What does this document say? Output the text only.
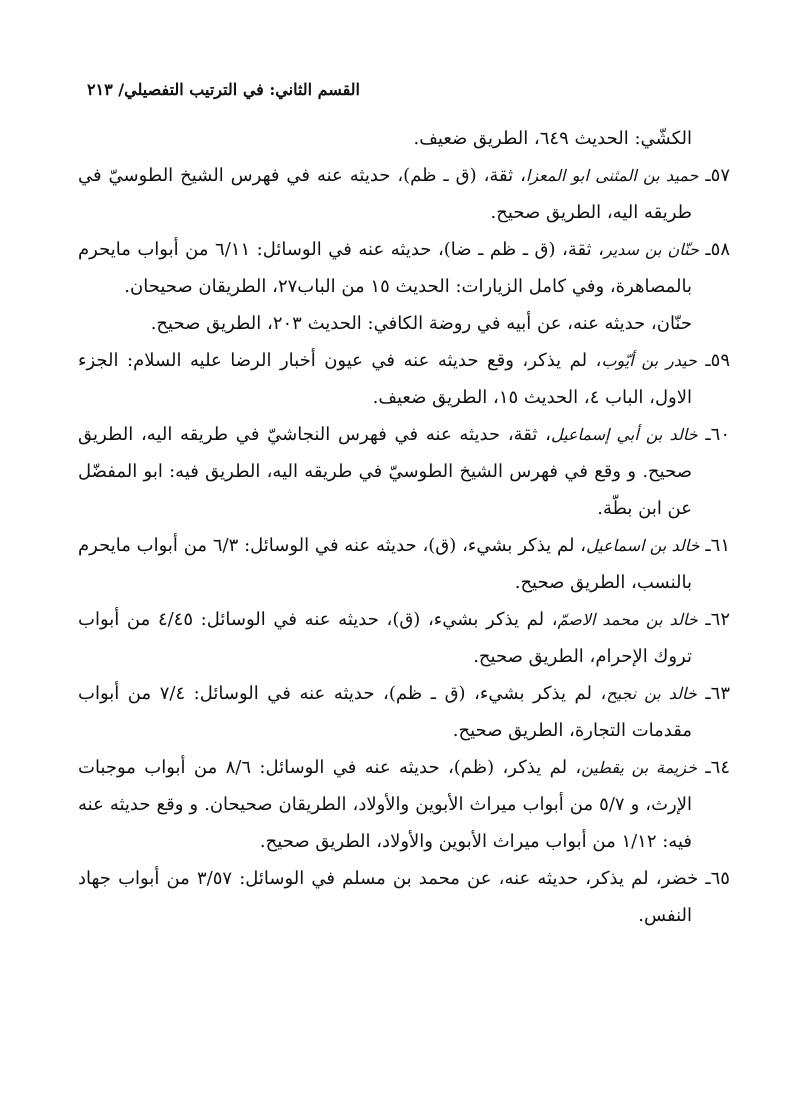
القسم الثاني: في الترتيب التفصيلي/ ٢١٣

الكشّي: الحديث ٦٤٩، الطريق ضعيف.

٥٧ـ حميد بن المثنى ابو المعزا، ثقة، (ق ـ ظم)، حديثه عنه في فهرس الشيخ الطوسيّ في طريقه اليه، الطريق صحيح.

٥٨ـ حنّان بن سدير، ثقة، (ق ـ ظم ـ ضا)، حديثه عنه في الوسائل: ٦/١١ من أبواب مايحرم بالمصاهرة، وفي كامل الزيارات: الحديث ١٥ من الباب٢٧، الطريقان صحيحان.

حنّان، حديثه عنه، عن أبيه في روضة الكافي: الحديث ٢٠٣، الطريق صحيح.

٥٩ـ حيدر بن أيّوب، لم يذكر، وقع حديثه عنه في عيون أخبار الرضا عليه السلام: الجزء الاول، الباب ٤، الحديث ١٥، الطريق ضعيف.

٦٠ـ خالد بن أبي إسماعيل، ثقة، حديثه عنه في فهرس النجاشيّ في طريقه اليه، الطريق صحيح. و وقع في فهرس الشيخ الطوسيّ في طريقه اليه، الطريق فيه: ابو المفضّل عن ابن بطّة.

٦١ـ خالد بن اسماعيل، لم يذكر بشيء، (ق)، حديثه عنه في الوسائل: ٦/٣ من أبواب مايحرم بالنسب، الطريق صحيح.

٦٢ـ خالد بن محمد الاصمّ، لم يذكر بشيء، (ق)، حديثه عنه في الوسائل: ٤/٤٥ من أبواب تروك الإحرام، الطريق صحيح.

٦٣ـ خالد بن نجيح، لم يذكر بشيء، (ق ـ ظم)، حديثه عنه في الوسائل: ٧/٤ من أبواب مقدمات التجارة، الطريق صحيح.

٦٤ـ خزيمة بن يقطين، لم يذكر، (ظم)، حديثه عنه في الوسائل: ٨/٦ من أبواب موجبات الإرث، و ٥/٧ من أبواب ميراث الأبوين والأولاد، الطريقان صحيحان. و وقع حديثه عنه فيه: ١/١٢ من أبواب ميراث الأبوين والأولاد، الطريق صحيح.

٦٥ـ خضر، لم يذكر، حديثه عنه، عن محمد بن مسلم في الوسائل: ٣/٥٧ من أبواب جهاد النفس.
